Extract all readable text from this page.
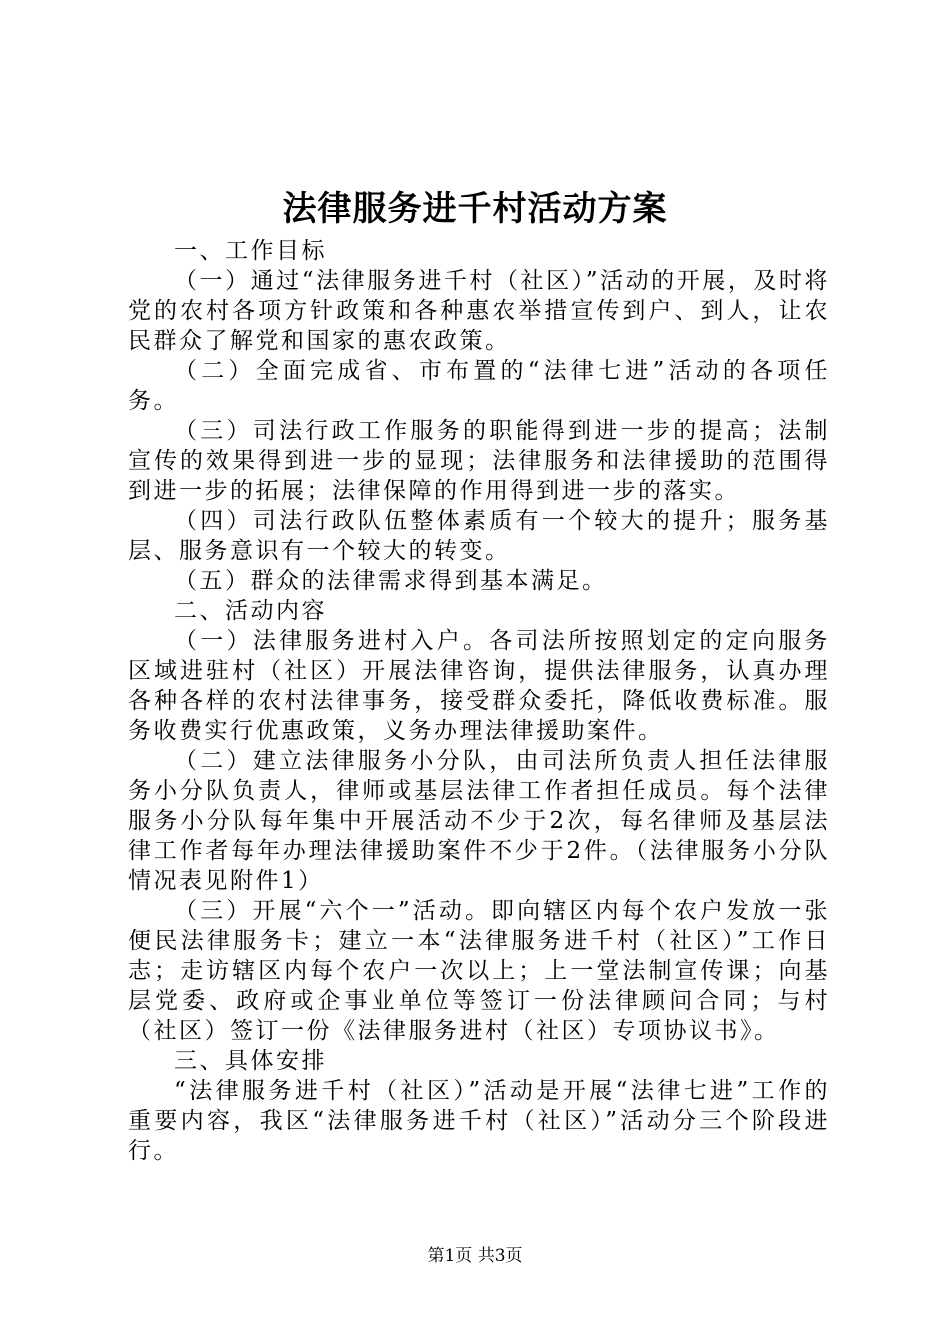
法律服务进千村活动方案

一、工作目标

（一）通过“法律服务进千村（社区）”活动的开展，及时将党的农村各项方针政策和各种惠农举措宣传到户、到人，让农民群众了解党和国家的惠农政策。

（二）全面完成省、市布置的“法律七进”活动的各项任务。

（三）司法行政工作服务的职能得到进一步的提高；法制宣传的效果得到进一步的显现；法律服务和法律援助的范围得到进一步的拓展；法律保障的作用得到进一步的落实。

（四）司法行政队伍整体素质有一个较大的提升；服务基层、服务意识有一个较大的转变。

（五）群众的法律需求得到基本满足。

二、活动内容

（一）法律服务进村入户。各司法所按照划定的定向服务区域进驻村（社区）开展法律咨询，提供法律服务，认真办理各种各样的农村法律事务，接受群众委托，降低收费标准。服务收费实行优惠政策，义务办理法律援助案件。

（二）建立法律服务小分队，由司法所负责人担任法律服务小分队负责人，律师或基层法律工作者担任成员。每个法律服务小分队每年集中开展活动不少于2次，每名律师及基层法律工作者每年办理法律援助案件不少于2件。（法律服务小分队情况表见附件1）

（三）开展“六个一”活动。即向辖区内每个农户发放一张便民法律服务卡；建立一本“法律服务进千村（社区）”工作日志；走访辖区内每个农户一次以上；上一堂法制宣传课；向基层党委、政府或企事业单位等签订一份法律顾问合同；与村（社区）签订一份《法律服务进村（社区）专项协议书》。

三、具体安排

“法律服务进千村（社区）”活动是开展“法律七进”工作的重要内容，我区“法律服务进千村（社区）”活动分三个阶段进行。

第1页 共3页
